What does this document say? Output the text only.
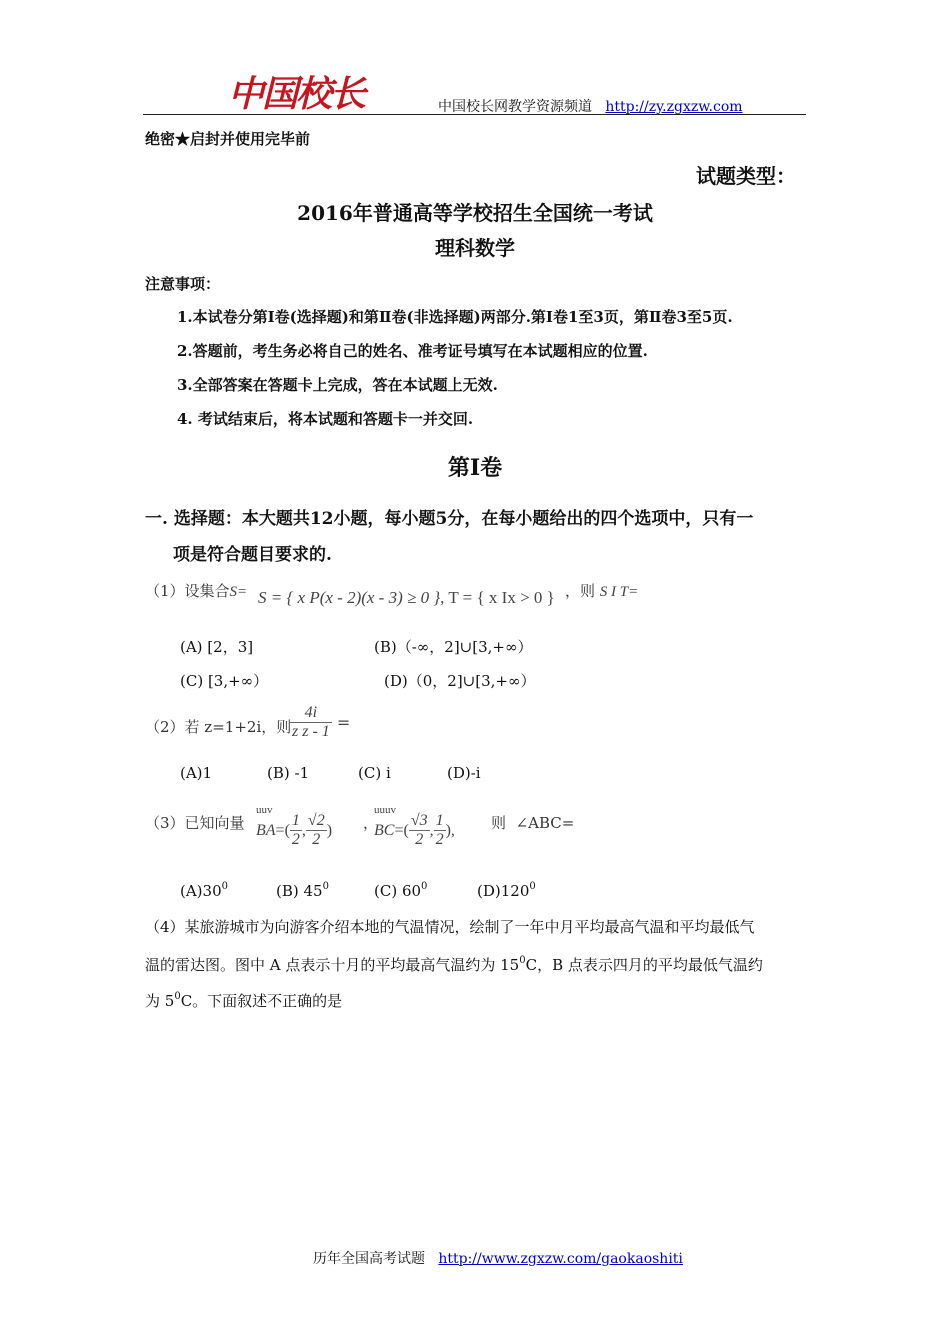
中国校长	中国校长网教学资源频道 http://zy.zgxzw.com
绝密★启封并使用完毕前
试题类型：
2016年普通高等学校招生全国统一考试
理科数学
注意事项：
1.本试卷分第Ⅰ卷(选择题)和第Ⅱ卷(非选择题)两部分.第Ⅰ卷1至3页，第Ⅱ卷3至5页.
2.答题前，考生务必将自己的姓名、准考证号填写在本试题相应的位置.
3.全部答案在答题卡上完成，答在本试题上无效.
4. 考试结束后，将本试题和答题卡一并交回.
第Ⅰ卷
一. 选择题：本大题共12小题，每小题5分，在每小题给出的四个选项中，只有一
项是符合题目要求的.
（1）设集合S= S = { x P(x - 2)(x - 3) ≥ 0 }, T = { x Ix > 0 } ，则 S I T=
(A) [2，3]	(B)（-∞，2]∪[3,+∞）
(C) [3,+∞）	(D)（0，2]∪[3,+∞）
（2）若 z=1+2i，则
$\frac{4i}{\text{z z - 1}}$ =
(A)1	(B) -1	(C) i	(D)-i
（3）已知向量
uuv
BA =( $\frac{1}{2}$ , $\frac{√2}{2}$ ) ，
uuuv
BC =( $\frac{√3}{2}$ , $\frac{1}{2}$ ), 则 ∠ABC=
$(A)30^0$	(B) $45^0$	(C) $60^0$	$(D)120^0$
（4）某旅游城市为向游客介绍本地的气温情况，绘制了一年中月平均最高气温和平均最低气
温的雷达图。图中 A 点表示十月的平均最高气温约为 $15^0C$，B 点表示四月的平均最低气温约
为 $5^0C$。下面叙述不正确的是
历年全国高考试题 http://www.zgxzw.com/gaokaoshiti
